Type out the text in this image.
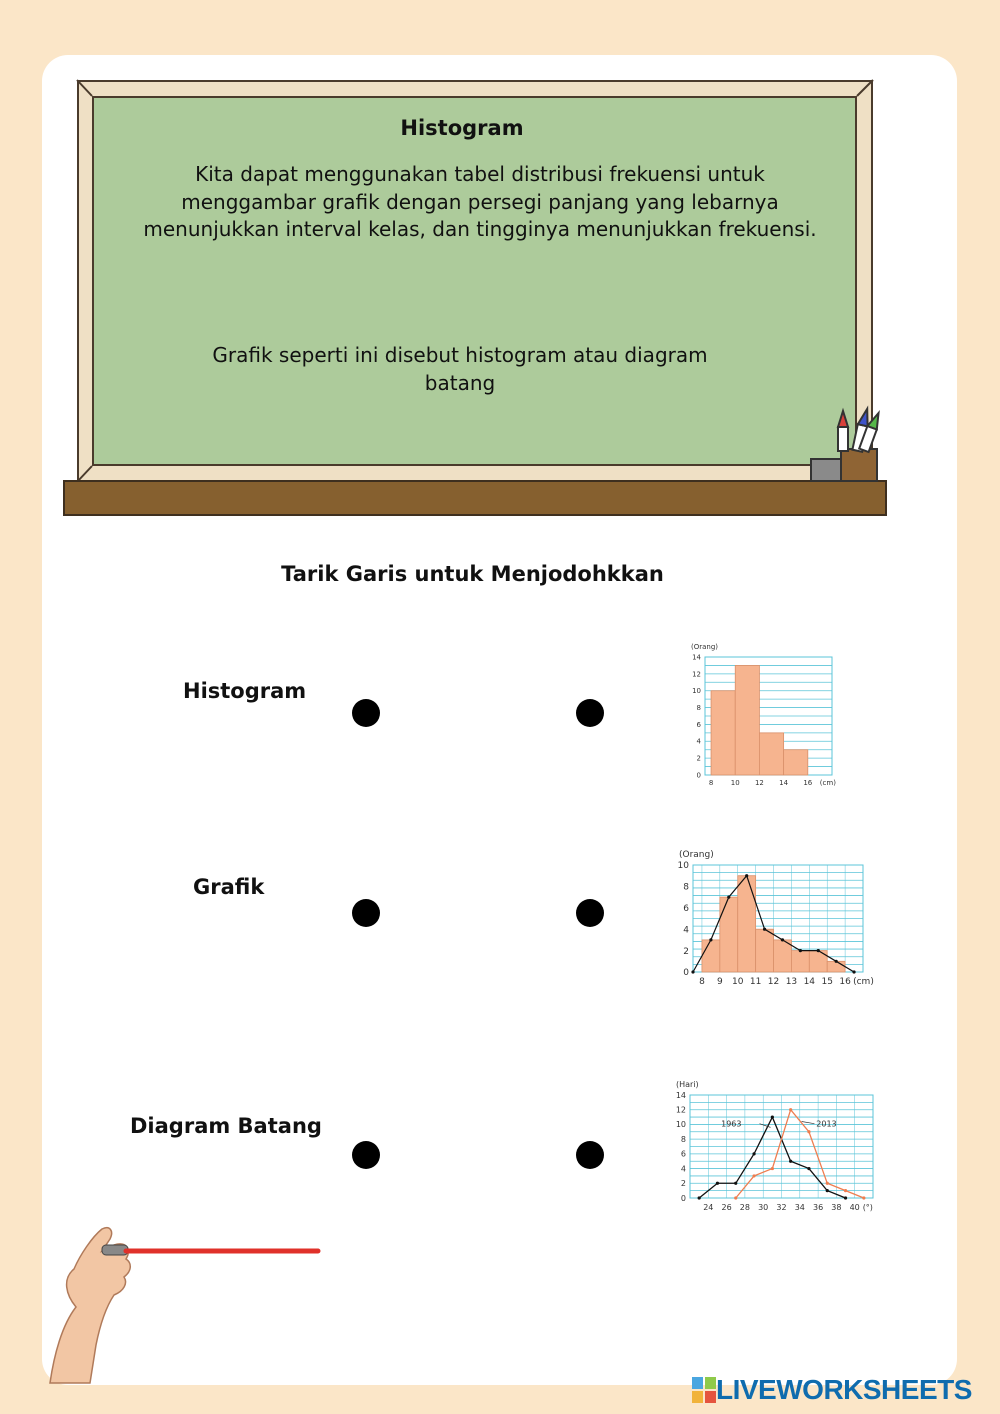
Histogram
Kita dapat menggunakan tabel distribusi frekuensi untuk menggambar grafik dengan persegi panjang yang lebarnya menunjukkan interval kelas, dan tingginya menunjukkan frekuensi.
Grafik seperti ini disebut histogram atau diagram batang
Tarik Garis untuk Menjodohkkan
Histogram
Grafik
Diagram Batang
0
2
4
6
8
10
12
14
(Orang)
8 10 12 14 16 (cm)
0
2
4
6
8
10
(Orang)
8 9 10 11 12 13 14 15 16 (cm)
0
2
4
6
8
10
12
14
(Hari)
1963	2013
24 26 28 30 32 34 36 38 40 (°)
LIVEWORKSHEETS
